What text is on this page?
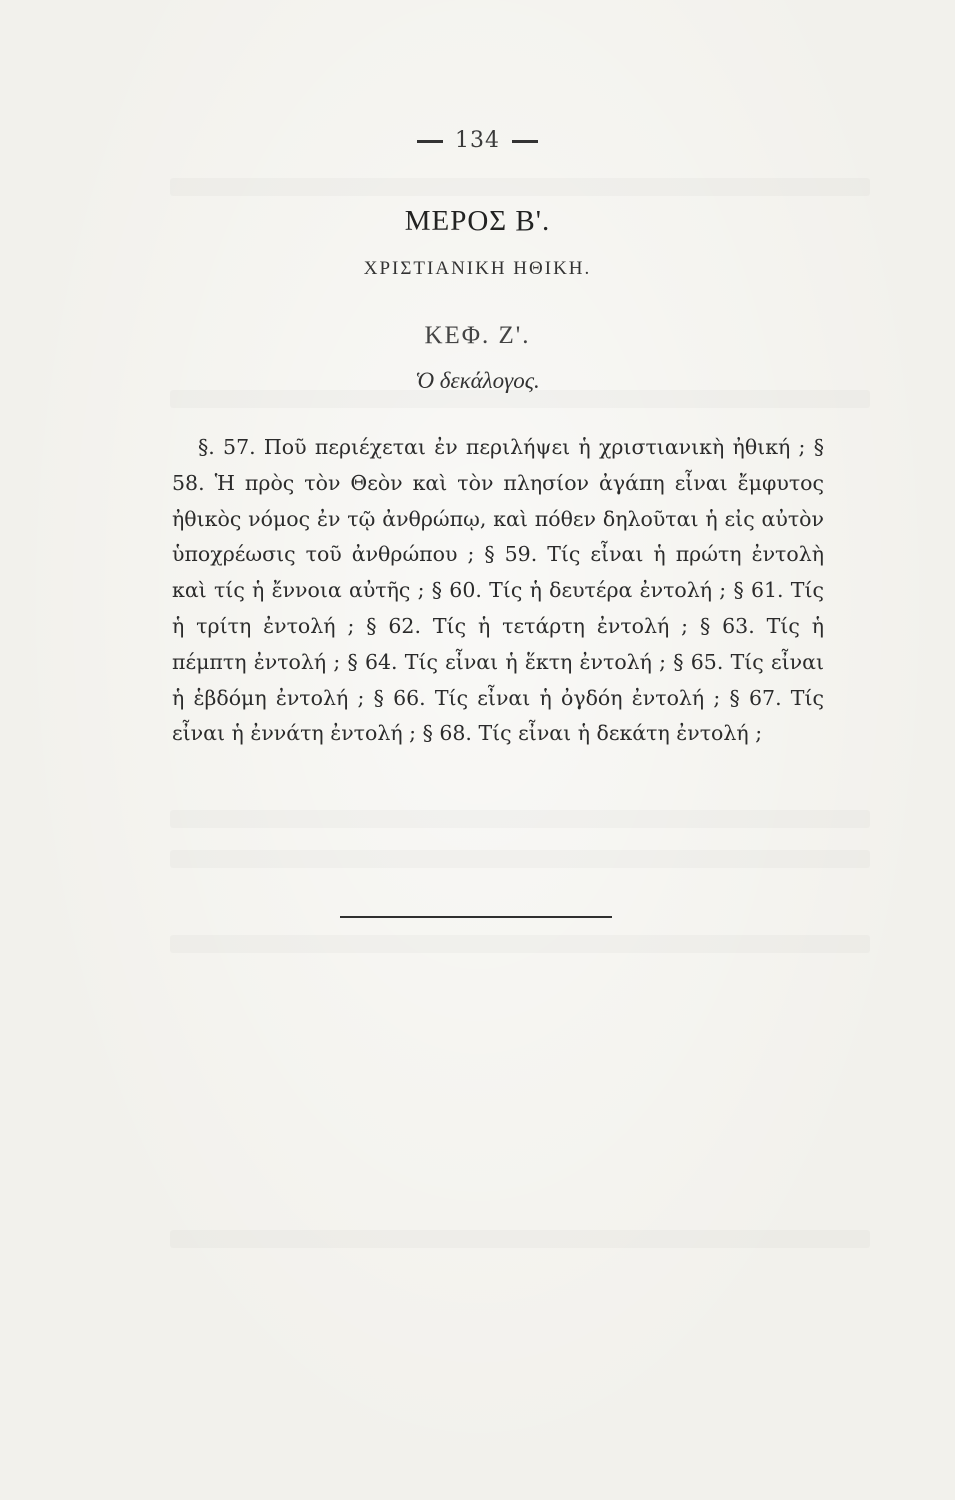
134
ΜΕΡΟΣ Β'.
ΧΡΙΣΤΙΑΝΙΚΗ ΗΘΙΚΗ.
ΚΕΦ. Ζ'.
Ὁ δεκάλογος.

§. 57. Ποῦ περιέχεται ἐν περιλήψει ἡ χριστιανικὴ ἠθική ; § 58. Ἡ πρὸς τὸν Θεὸν καὶ τὸν πλησίον ἀγάπη εἶναι ἔμφυτος ἠθικὸς νόμος ἐν τῷ ἀνθρώπῳ, καὶ πόθεν δηλοῦται ἡ εἰς αὐτὸν ὑποχρέωσις τοῦ ἀνθρώπου ; § 59. Τίς εἶναι ἡ πρώτη ἐντολὴ καὶ τίς ἡ ἔννοια αὐτῆς ; § 60. Τίς ἡ δευτέρα ἐντολή ; § 61. Τίς ἡ τρίτη ἐντολή ; § 62. Τίς ἡ τετάρτη ἐντολή ; § 63. Τίς ἡ πέμπτη ἐντολή ; § 64. Τίς εἶναι ἡ ἕκτη ἐντολή ; § 65. Τίς εἶναι ἡ ἑβδόμη ἐντολή ; § 66. Τίς εἶναι ἡ ὀγδόη ἐντολή ; § 67. Τίς εἶναι ἡ ἐννάτη ἐντολή ; § 68. Τίς εἶναι ἡ δεκάτη ἐντολή ;
